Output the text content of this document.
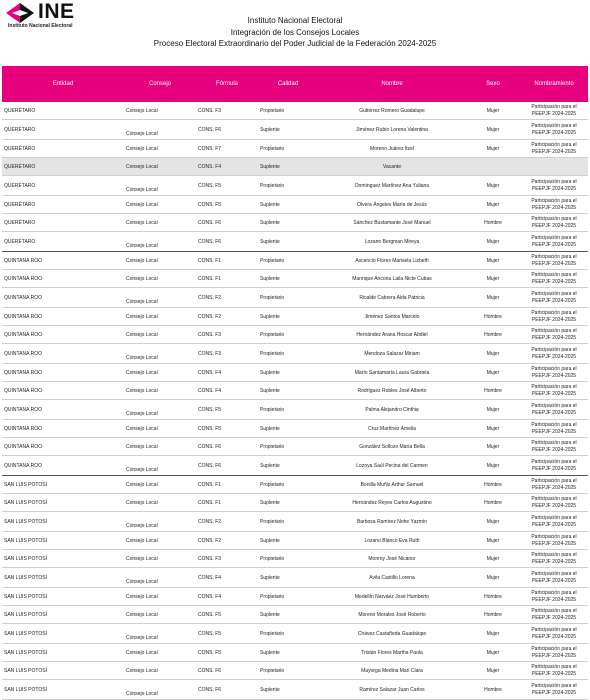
INE
Instituto Nacional Electoral
Instituto Nacional Electoral
Integración de los Consejos Locales
Proceso Electoral Extraordinario del Poder Judicial de la Federación 2024-2025
Entidad	Consejo	Fórmula	Calidad	Nombre	Sexo	Nombramiento
QUERÉTARO	Consejo Local	CONS. F3	Propietario	Gutiérrez Romero Guadalupe	Mujer	Participación para el PEEPJF 2024-2025
QUERÉTARO	Consejo Local	CONS. F6	Suplente	Jiménez Rubio Lorena Valentina	Mujer	Participación para el PEEPJF 2024-2025
QUERÉTARO	Consejo Local	CONS. F7	Propietario	Moreno Juárez Itzel	Mujer	Participación para el PEEPJF 2024-2025
QUERÉTARO	Consejo Local	CONS. F4	Suplente	Vacante		
QUERÉTARO	Consejo Local	CONS. F5	Propietario	Domínguez Martínez Ana Yuliana	Mujer	Participación para el PEEPJF 2024-2025
QUERÉTARO	Consejo Local	CONS. F5	Suplente	Olvera Ángeles María de Jesús	Mujer	Participación para el PEEPJF 2024-2025
QUERÉTARO	Consejo Local	CONS. F6	Suplente	Sánchez Bustamante José Manuel	Hombre	Participación para el PEEPJF 2024-2025
QUERÉTARO	Consejo Local	CONS. F6	Suplente	Lozano Bergman Mireya	Mujer	Participación para el PEEPJF 2024-2025
QUINTANA ROO	Consejo Local	CONS. F1	Propietario	Ascencio Flores Marisela Lizbeth	Mujer	Participación para el PEEPJF 2024-2025
QUINTANA ROO	Consejo Local	CONS. F1	Suplente	Manrique Ancona Laila Nicte Cubas	Mujer	Participación para el PEEPJF 2024-2025
QUINTANA ROO	Consejo Local	CONS. F2	Propietario	Ricalde Cabrera Aida Patricia	Mujer	Participación para el PEEPJF 2024-2025
QUINTANA ROO	Consejo Local	CONS. F2	Suplente	Jiménez Santos Marcelo	Hombre	Participación para el PEEPJF 2024-2025
QUINTANA ROO	Consejo Local	CONS. F3	Propietario	Hernández Arana Hoscar Abdiel	Hombre	Participación para el PEEPJF 2024-2025
QUINTANA ROO	Consejo Local	CONS. F3	Propietario	Mendoza Salazar Miriam	Mujer	Participación para el PEEPJF 2024-2025
QUINTANA ROO	Consejo Local	CONS. F4	Suplente	Marín Santamaría Laura Gabriela	Mujer	Participación para el PEEPJF 2024-2025
QUINTANA ROO	Consejo Local	CONS. F4	Suplente	Rodríguez Robles José Alberto	Hombre	Participación para el PEEPJF 2024-2025
QUINTANA ROO	Consejo Local	CONS. F5	Propietario	Palma Alejandro Cinthia	Mujer	Participación para el PEEPJF 2024-2025
QUINTANA ROO	Consejo Local	CONS. F5	Suplente	Cruz Martínez Amelia	Mujer	Participación para el PEEPJF 2024-2025
QUINTANA ROO	Consejo Local	CONS. F6	Propietario	González Sollozo María Bella	Mujer	Participación para el PEEPJF 2024-2025
QUINTANA ROO	Consejo Local	CONS. F6	Suplente	Lozoya Saúl Pecina del Carmen	Mujer	Participación para el PEEPJF 2024-2025
SAN LUIS POTOSÍ	Consejo Local	CONS. F1	Propietario	Bonilla Muñiz Arthur Samuel	Hombre	Participación para el PEEPJF 2024-2025
SAN LUIS POTOSÍ	Consejo Local	CONS. F1	Suplente	Hernández Reyes Carlos Augustino	Hombre	Participación para el PEEPJF 2024-2025
SAN LUIS POTOSÍ	Consejo Local	CONS. F2	Propietario	Barbosa Ramírez Nohe Yazmín	Mujer	Participación para el PEEPJF 2024-2025
SAN LUIS POTOSÍ	Consejo Local	CONS. F2	Suplente	Lozano Blanco Eva Ruth	Mujer	Participación para el PEEPJF 2024-2025
SAN LUIS POTOSÍ	Consejo Local	CONS. F3	Propietario	Monroy José Nicanor	Mujer	Participación para el PEEPJF 2024-2025
SAN LUIS POTOSÍ	Consejo Local	CONS. F4	Suplente	Avila Castillo Lorena	Mujer	Participación para el PEEPJF 2024-2025
SAN LUIS POTOSÍ	Consejo Local	CONS. F4	Propietario	Medellín Narváez José Humberto	Hombre	Participación para el PEEPJF 2024-2025
SAN LUIS POTOSÍ	Consejo Local	CONS. F5	Suplente	Moreno Morales José Roberto	Hombre	Participación para el PEEPJF 2024-2025
SAN LUIS POTOSÍ	Consejo Local	CONS. F5	Propietario	Chávez Castañeda Guadalupe	Mujer	Participación para el PEEPJF 2024-2025
SAN LUIS POTOSÍ	Consejo Local	CONS. F5	Suplente	Tristán Flores Martha Paola	Mujer	Participación para el PEEPJF 2024-2025
SAN LUIS POTOSÍ	Consejo Local	CONS. F6	Propietario	Mayorga Medina Mari Clara	Mujer	Participación para el PEEPJF 2024-2025
SAN LUIS POTOSÍ	Consejo Local	CONS. F6	Suplente	Ramírez Salazar Juan Carlos	Hombre	Participación para el PEEPJF 2024-2025
